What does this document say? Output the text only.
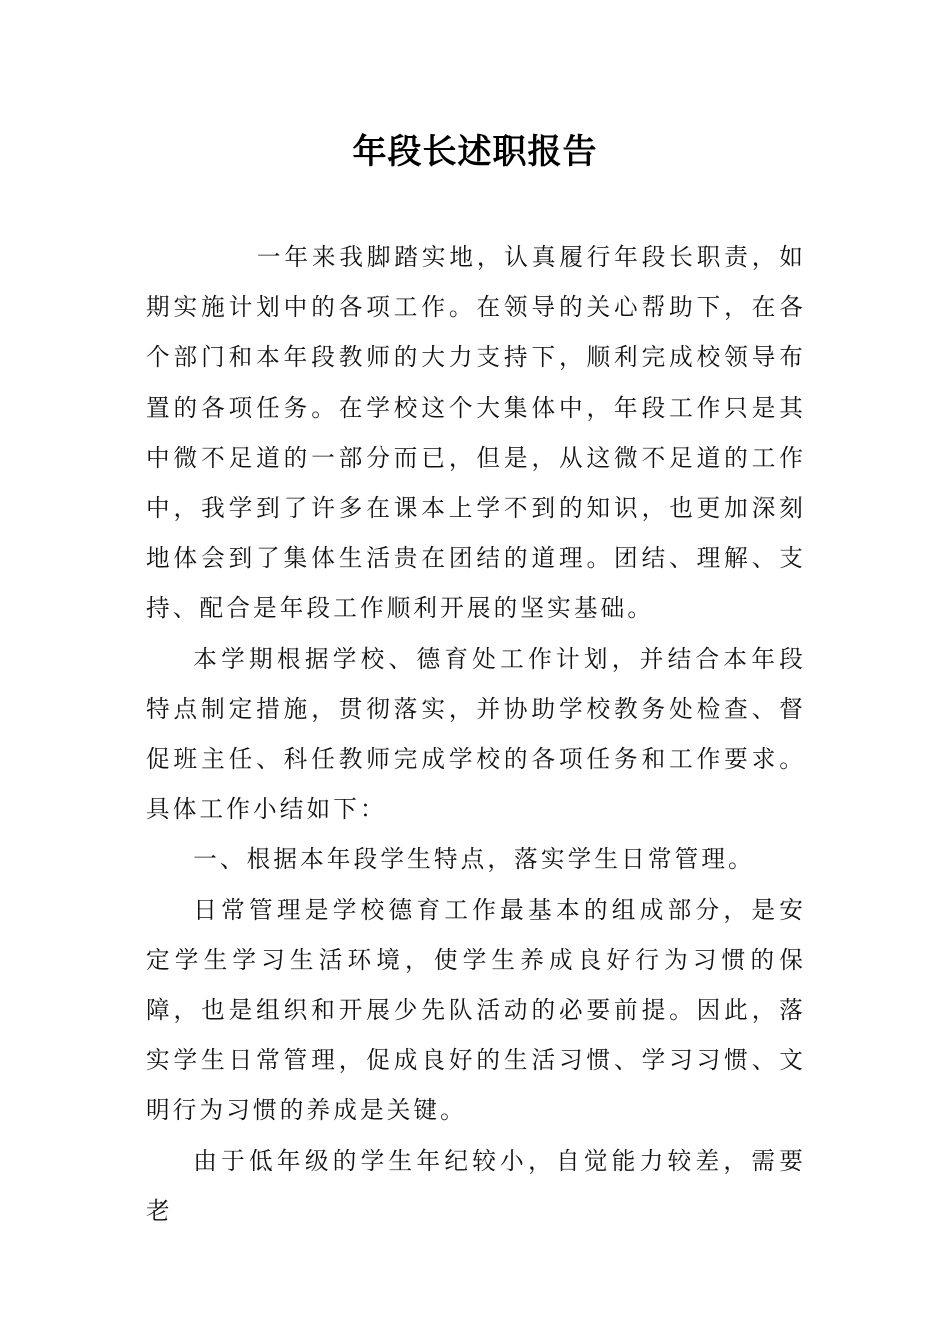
年段长述职报告

一年来我脚踏实地，认真履行年段长职责，如期实施计划中的各项工作。在领导的关心帮助下，在各个部门和本年段教师的大力支持下，顺利完成校领导布置的各项任务。在学校这个大集体中，年段工作只是其中微不足道的一部分而已，但是，从这微不足道的工作中，我学到了许多在课本上学不到的知识，也更加深刻地体会到了集体生活贵在团结的道理。团结、理解、支持、配合是年段工作顺利开展的坚实基础。

本学期根据学校、德育处工作计划，并结合本年段特点制定措施，贯彻落实，并协助学校教务处检查、督促班主任、科任教师完成学校的各项任务和工作要求。具体工作小结如下：

一、根据本年段学生特点，落实学生日常管理。

日常管理是学校德育工作最基本的组成部分，是安定学生学习生活环境，使学生养成良好行为习惯的保障，也是组织和开展少先队活动的必要前提。因此，落实学生日常管理，促成良好的生活习惯、学习习惯、文明行为习惯的养成是关键。

由于低年级的学生年纪较小，自觉能力较差，需要老
